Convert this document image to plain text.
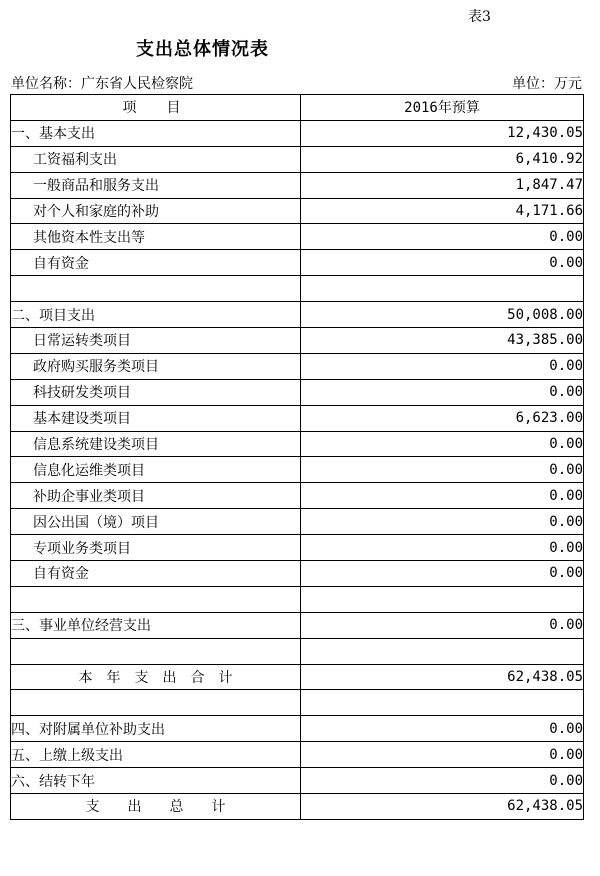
表3
支出总体情况表
单位名称：广东省人民检察院	单位：万元
项　目	2016年预算
一、基本支出	12,430.05
工资福利支出	6,410.92
一般商品和服务支出	1,847.47
对个人和家庭的补助	4,171.66
其他资本性支出等	0.00
自有资金	0.00

二、项目支出	50,008.00
日常运转类项目	43,385.00
政府购买服务类项目	0.00
科技研发类项目	0.00
基本建设类项目	6,623.00
信息系统建设类项目	0.00
信息化运维类项目	0.00
补助企事业类项目	0.00
因公出国（境）项目	0.00
专项业务类项目	0.00
自有资金	0.00

三、事业单位经营支出	0.00

本　年　支　出　合　计	62,438.05

四、对附属单位补助支出	0.00
五、上缴上级支出	0.00
六、结转下年	0.00
支　　出　　总　　计	62,438.05
